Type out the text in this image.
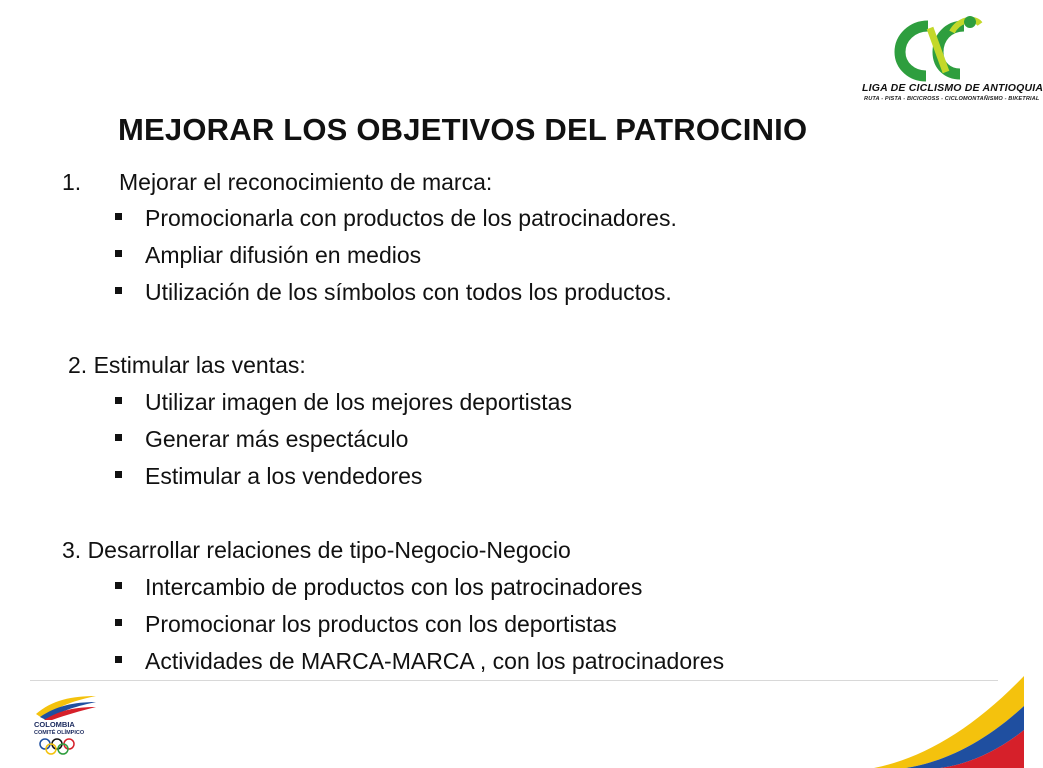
LIGA DE CICLISMO DE ANTIOQUIA
RUTA - PISTA - BICICROSS - CICLOMONTAÑISMO - BIKETRIAL
MEJORAR LOS OBJETIVOS DEL PATROCINIO
1. Mejorar el reconocimiento de marca:
Promocionarla con productos de los patrocinadores.
Ampliar difusión en medios
Utilización de los símbolos con todos los productos.
2. Estimular las ventas:
Utilizar imagen de los mejores deportistas
Generar más espectáculo
Estimular a los vendedores
3. Desarrollar relaciones de tipo-Negocio-Negocio
Intercambio de productos con los patrocinadores
Promocionar los productos con los deportistas
Actividades de MARCA-MARCA , con los patrocinadores
COLOMBIA
COMITÉ OLÍMPICO
